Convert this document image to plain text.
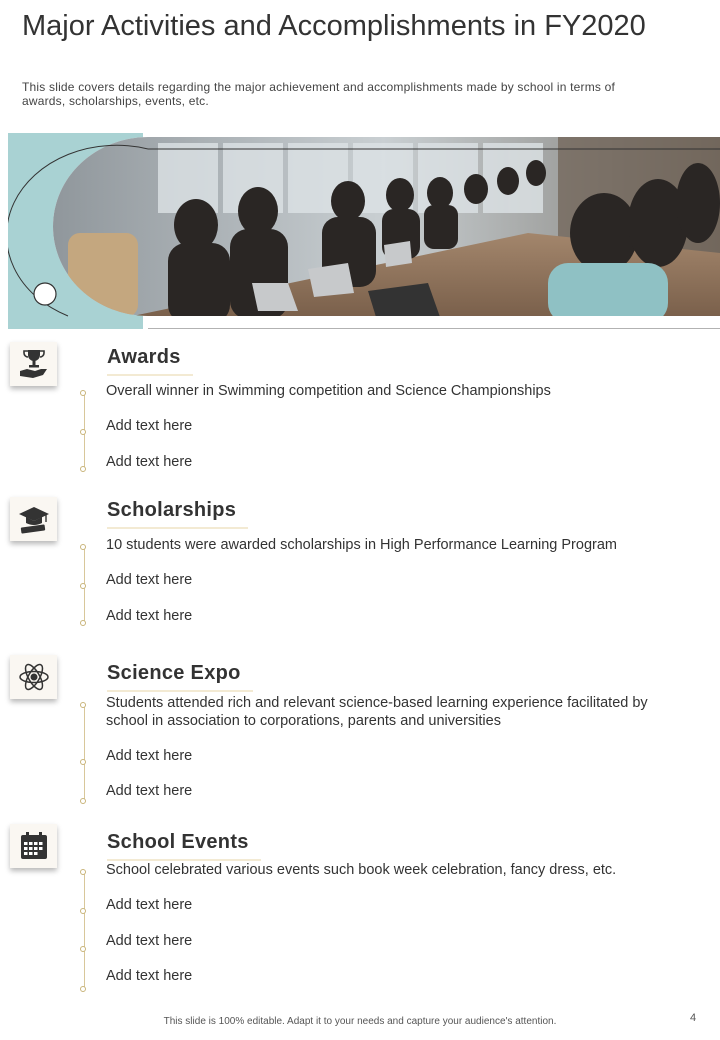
Major Activities and Accomplishments in FY2020
This slide covers details regarding the major achievement and accomplishments made by school in terms of awards, scholarships, events, etc.
Awards
Overall winner in Swimming competition and Science Championships
Add text here
Add text here
Scholarships
10 students were awarded scholarships in High Performance Learning Program
Add text here
Add text here
Science Expo
Students attended rich and relevant science-based learning experience facilitated by school in association to corporations, parents and universities
Add text here
Add text here
School Events
School celebrated various events such book week celebration, fancy dress, etc.
Add text here
Add text here
Add text here
This slide is 100% editable. Adapt it to your needs and capture your audience's attention.	4
